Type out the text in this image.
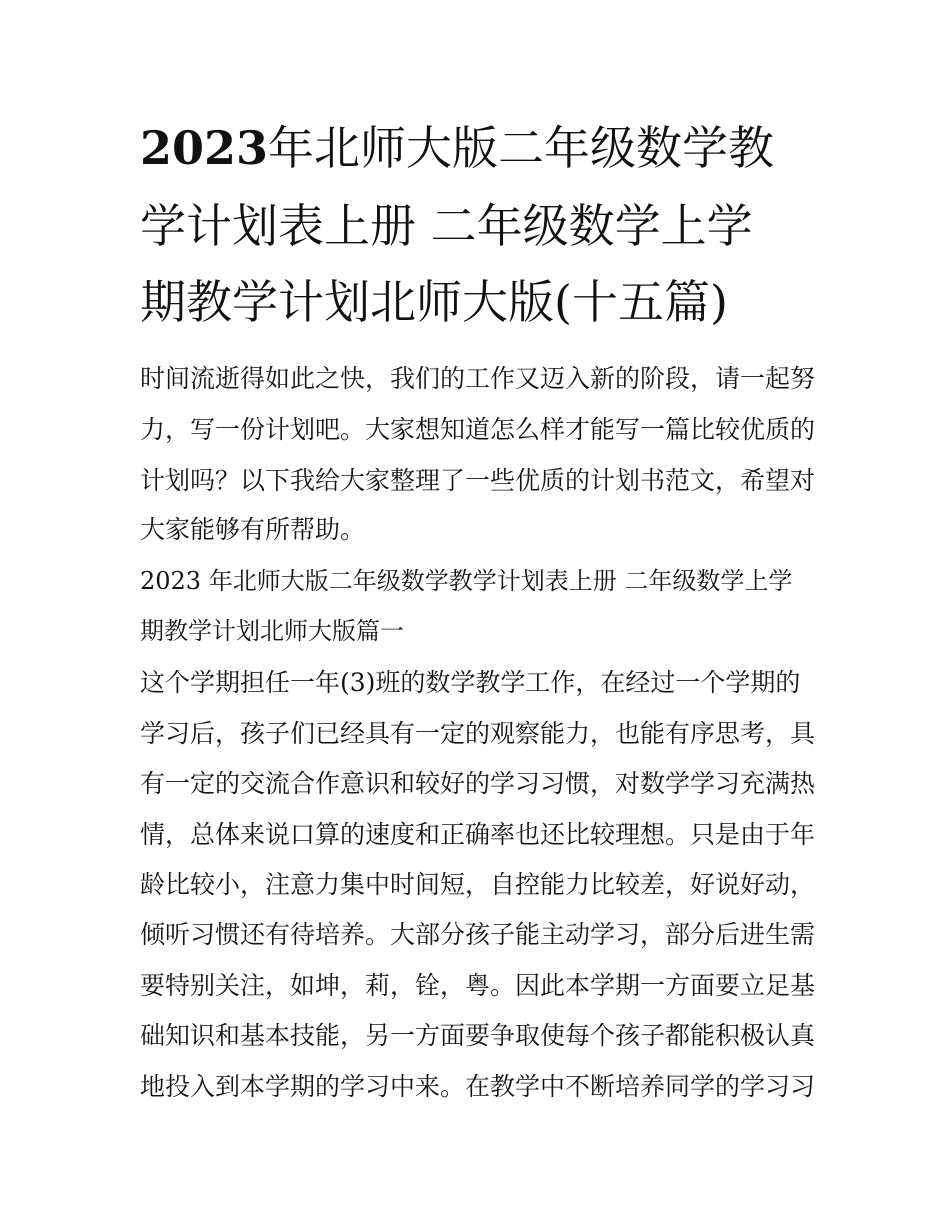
2023年北师大版二年级数学教
学计划表上册 二年级数学上学
期教学计划北师大版(十五篇)
时间流逝得如此之快，我们的工作又迈入新的阶段，请一起努
力，写一份计划吧。大家想知道怎么样才能写一篇比较优质的
计划吗？以下我给大家整理了一些优质的计划书范文，希望对
大家能够有所帮助。
2023 年北师大版二年级数学教学计划表上册 二年级数学上学
期教学计划北师大版篇一
这个学期担任一年(3)班的数学教学工作，在经过一个学期的
学习后，孩子们已经具有一定的观察能力，也能有序思考，具
有一定的交流合作意识和较好的学习习惯，对数学学习充满热
情，总体来说口算的速度和正确率也还比较理想。只是由于年
龄比较小，注意力集中时间短，自控能力比较差，好说好动，
倾听习惯还有待培养。大部分孩子能主动学习，部分后进生需
要特别关注，如坤，莉，铨，粤。因此本学期一方面要立足基
础知识和基本技能，另一方面要争取使每个孩子都能积极认真
地投入到本学期的学习中来。在教学中不断培养同学的学习习
